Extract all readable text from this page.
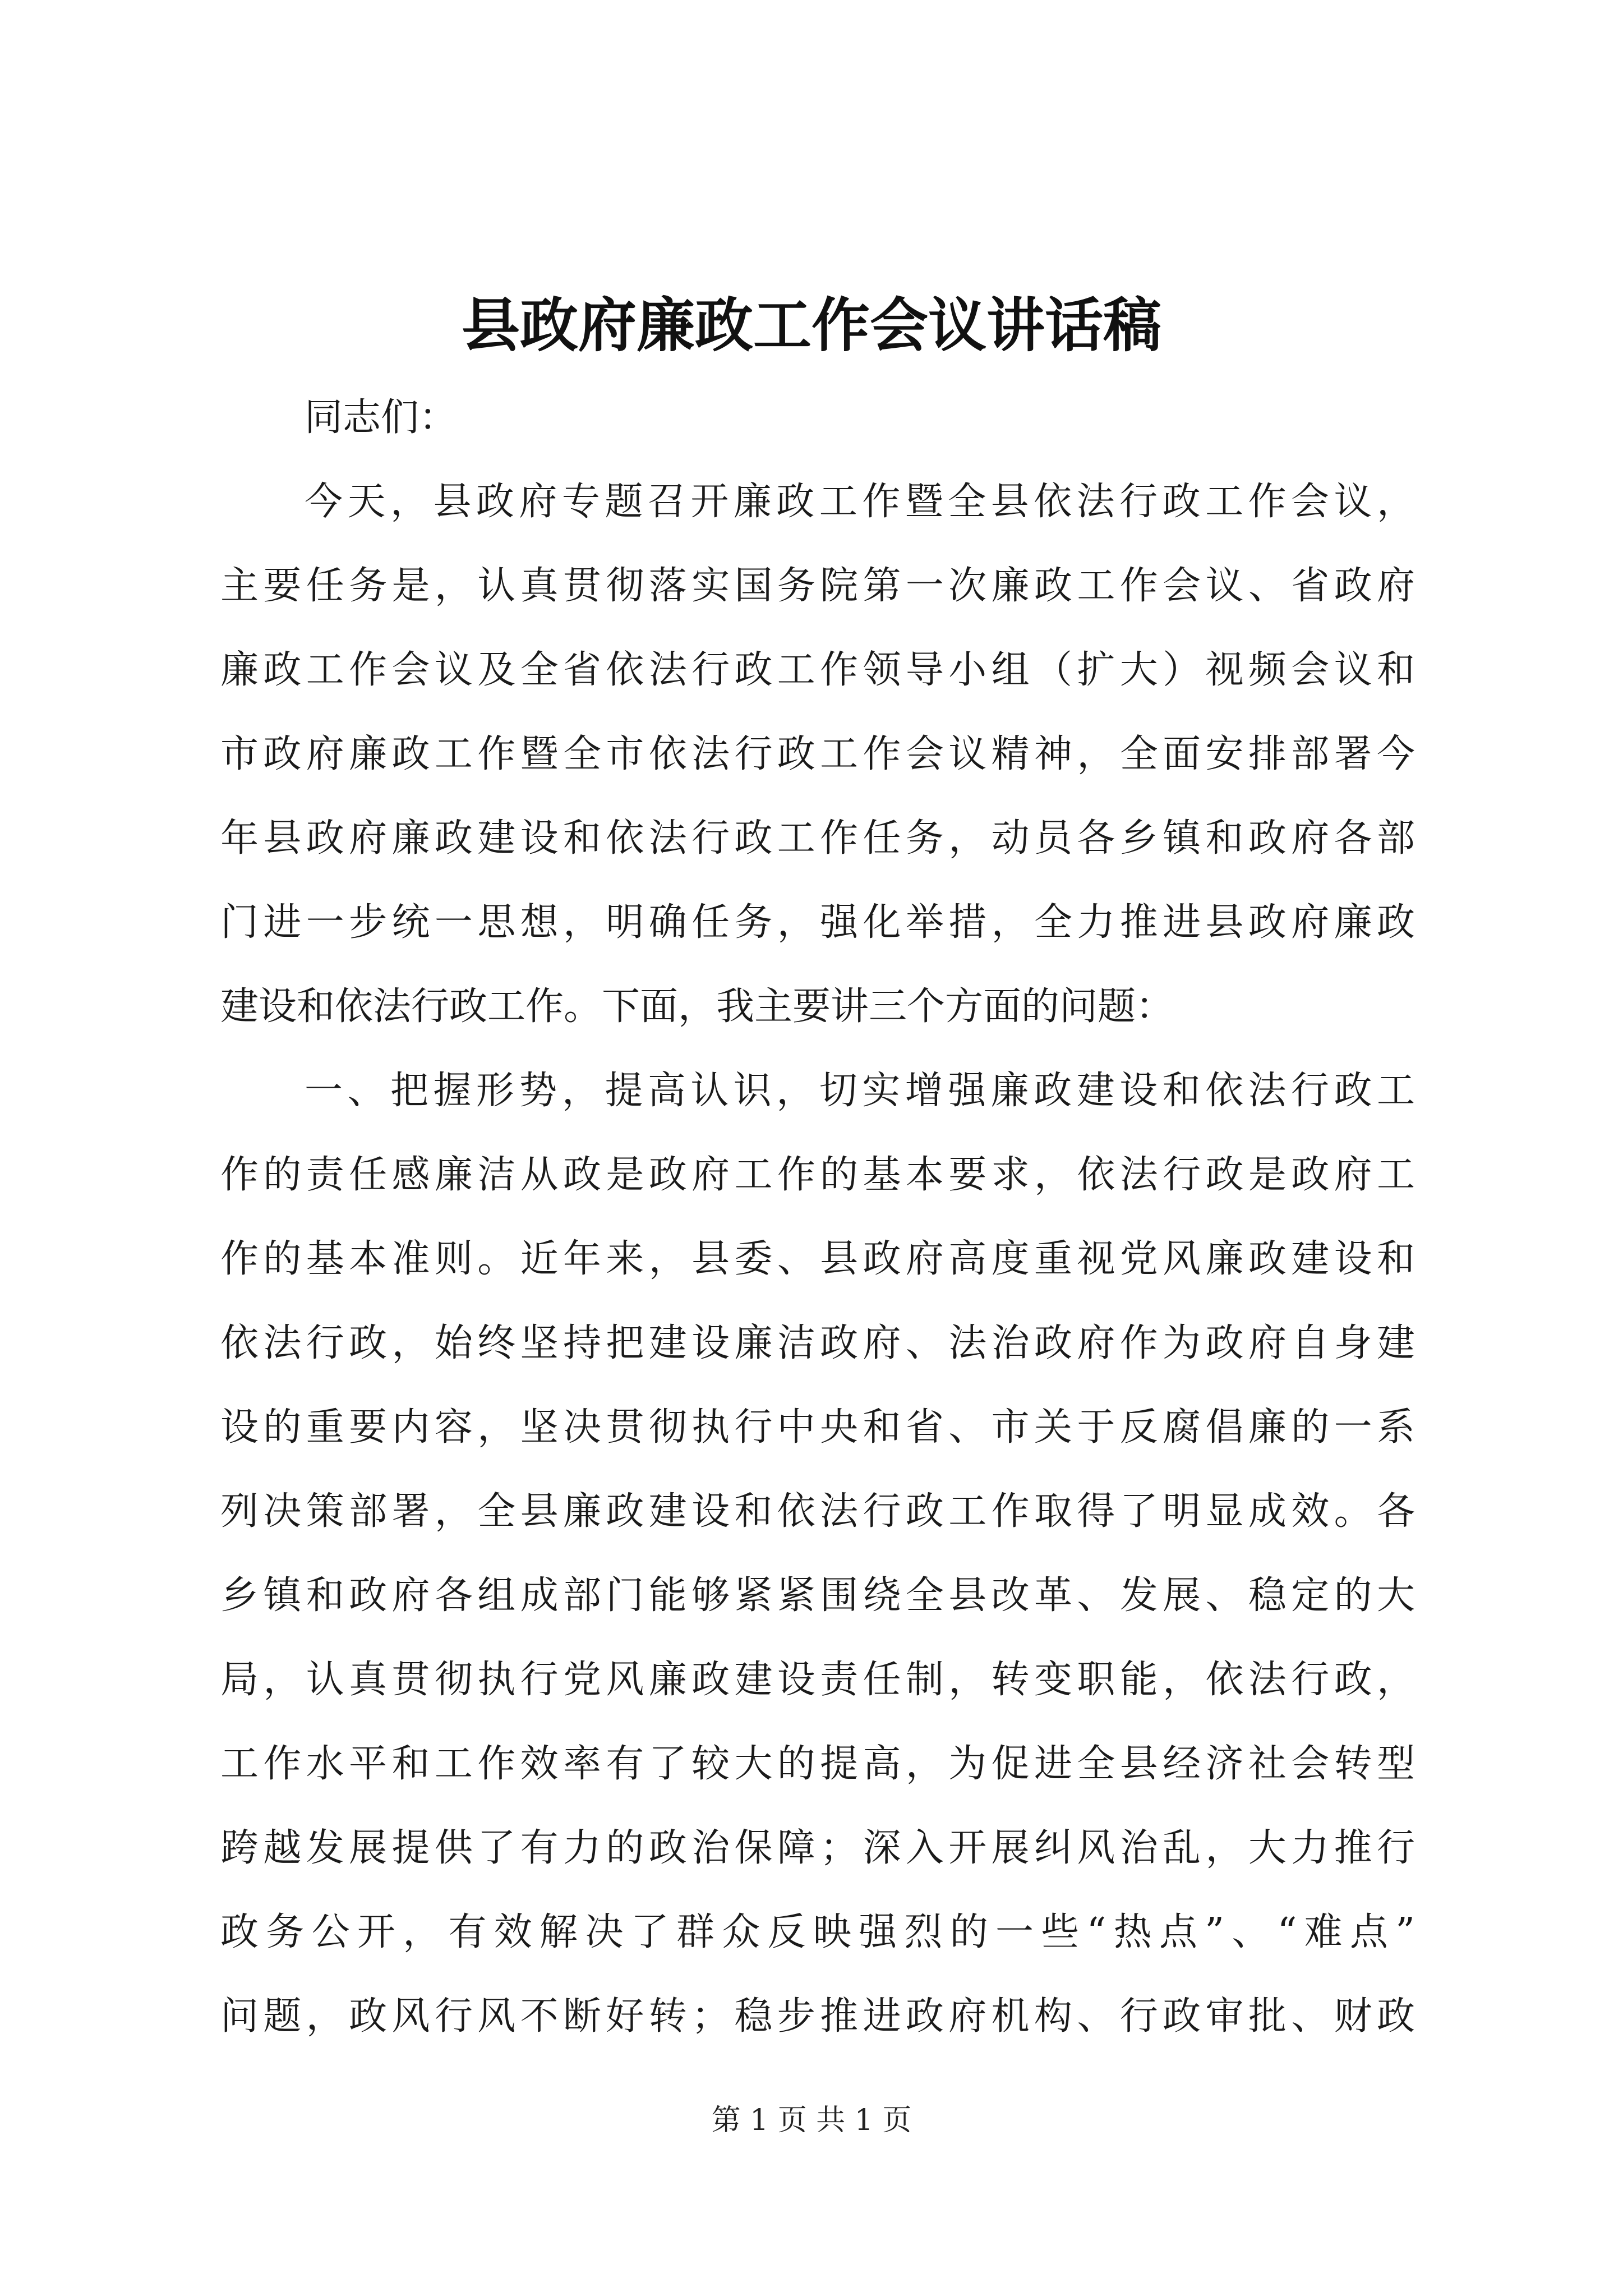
县政府廉政工作会议讲话稿
同志们：
今天，县政府专题召开廉政工作暨全县依法行政工作会议，
主要任务是，认真贯彻落实国务院第一次廉政工作会议、省政府
廉政工作会议及全省依法行政工作领导小组（扩大）视频会议和
市政府廉政工作暨全市依法行政工作会议精神，全面安排部署今
年县政府廉政建设和依法行政工作任务，动员各乡镇和政府各部
门进一步统一思想，明确任务，强化举措，全力推进县政府廉政
建设和依法行政工作。下面，我主要讲三个方面的问题：
一、把握形势，提高认识，切实增强廉政建设和依法行政工
作的责任感廉洁从政是政府工作的基本要求，依法行政是政府工
作的基本准则。近年来，县委、县政府高度重视党风廉政建设和
依法行政，始终坚持把建设廉洁政府、法治政府作为政府自身建
设的重要内容，坚决贯彻执行中央和省、市关于反腐倡廉的一系
列决策部署，全县廉政建设和依法行政工作取得了明显成效。各
乡镇和政府各组成部门能够紧紧围绕全县改革、发展、稳定的大
局，认真贯彻执行党风廉政建设责任制，转变职能，依法行政，
工作水平和工作效率有了较大的提高，为促进全县经济社会转型
跨越发展提供了有力的政治保障；深入开展纠风治乱，大力推行
政务公开，有效解决了群众反映强烈的一些“热点”、“难点”
问题，政风行风不断好转；稳步推进政府机构、行政审批、财政
第 1 页 共 1 页
